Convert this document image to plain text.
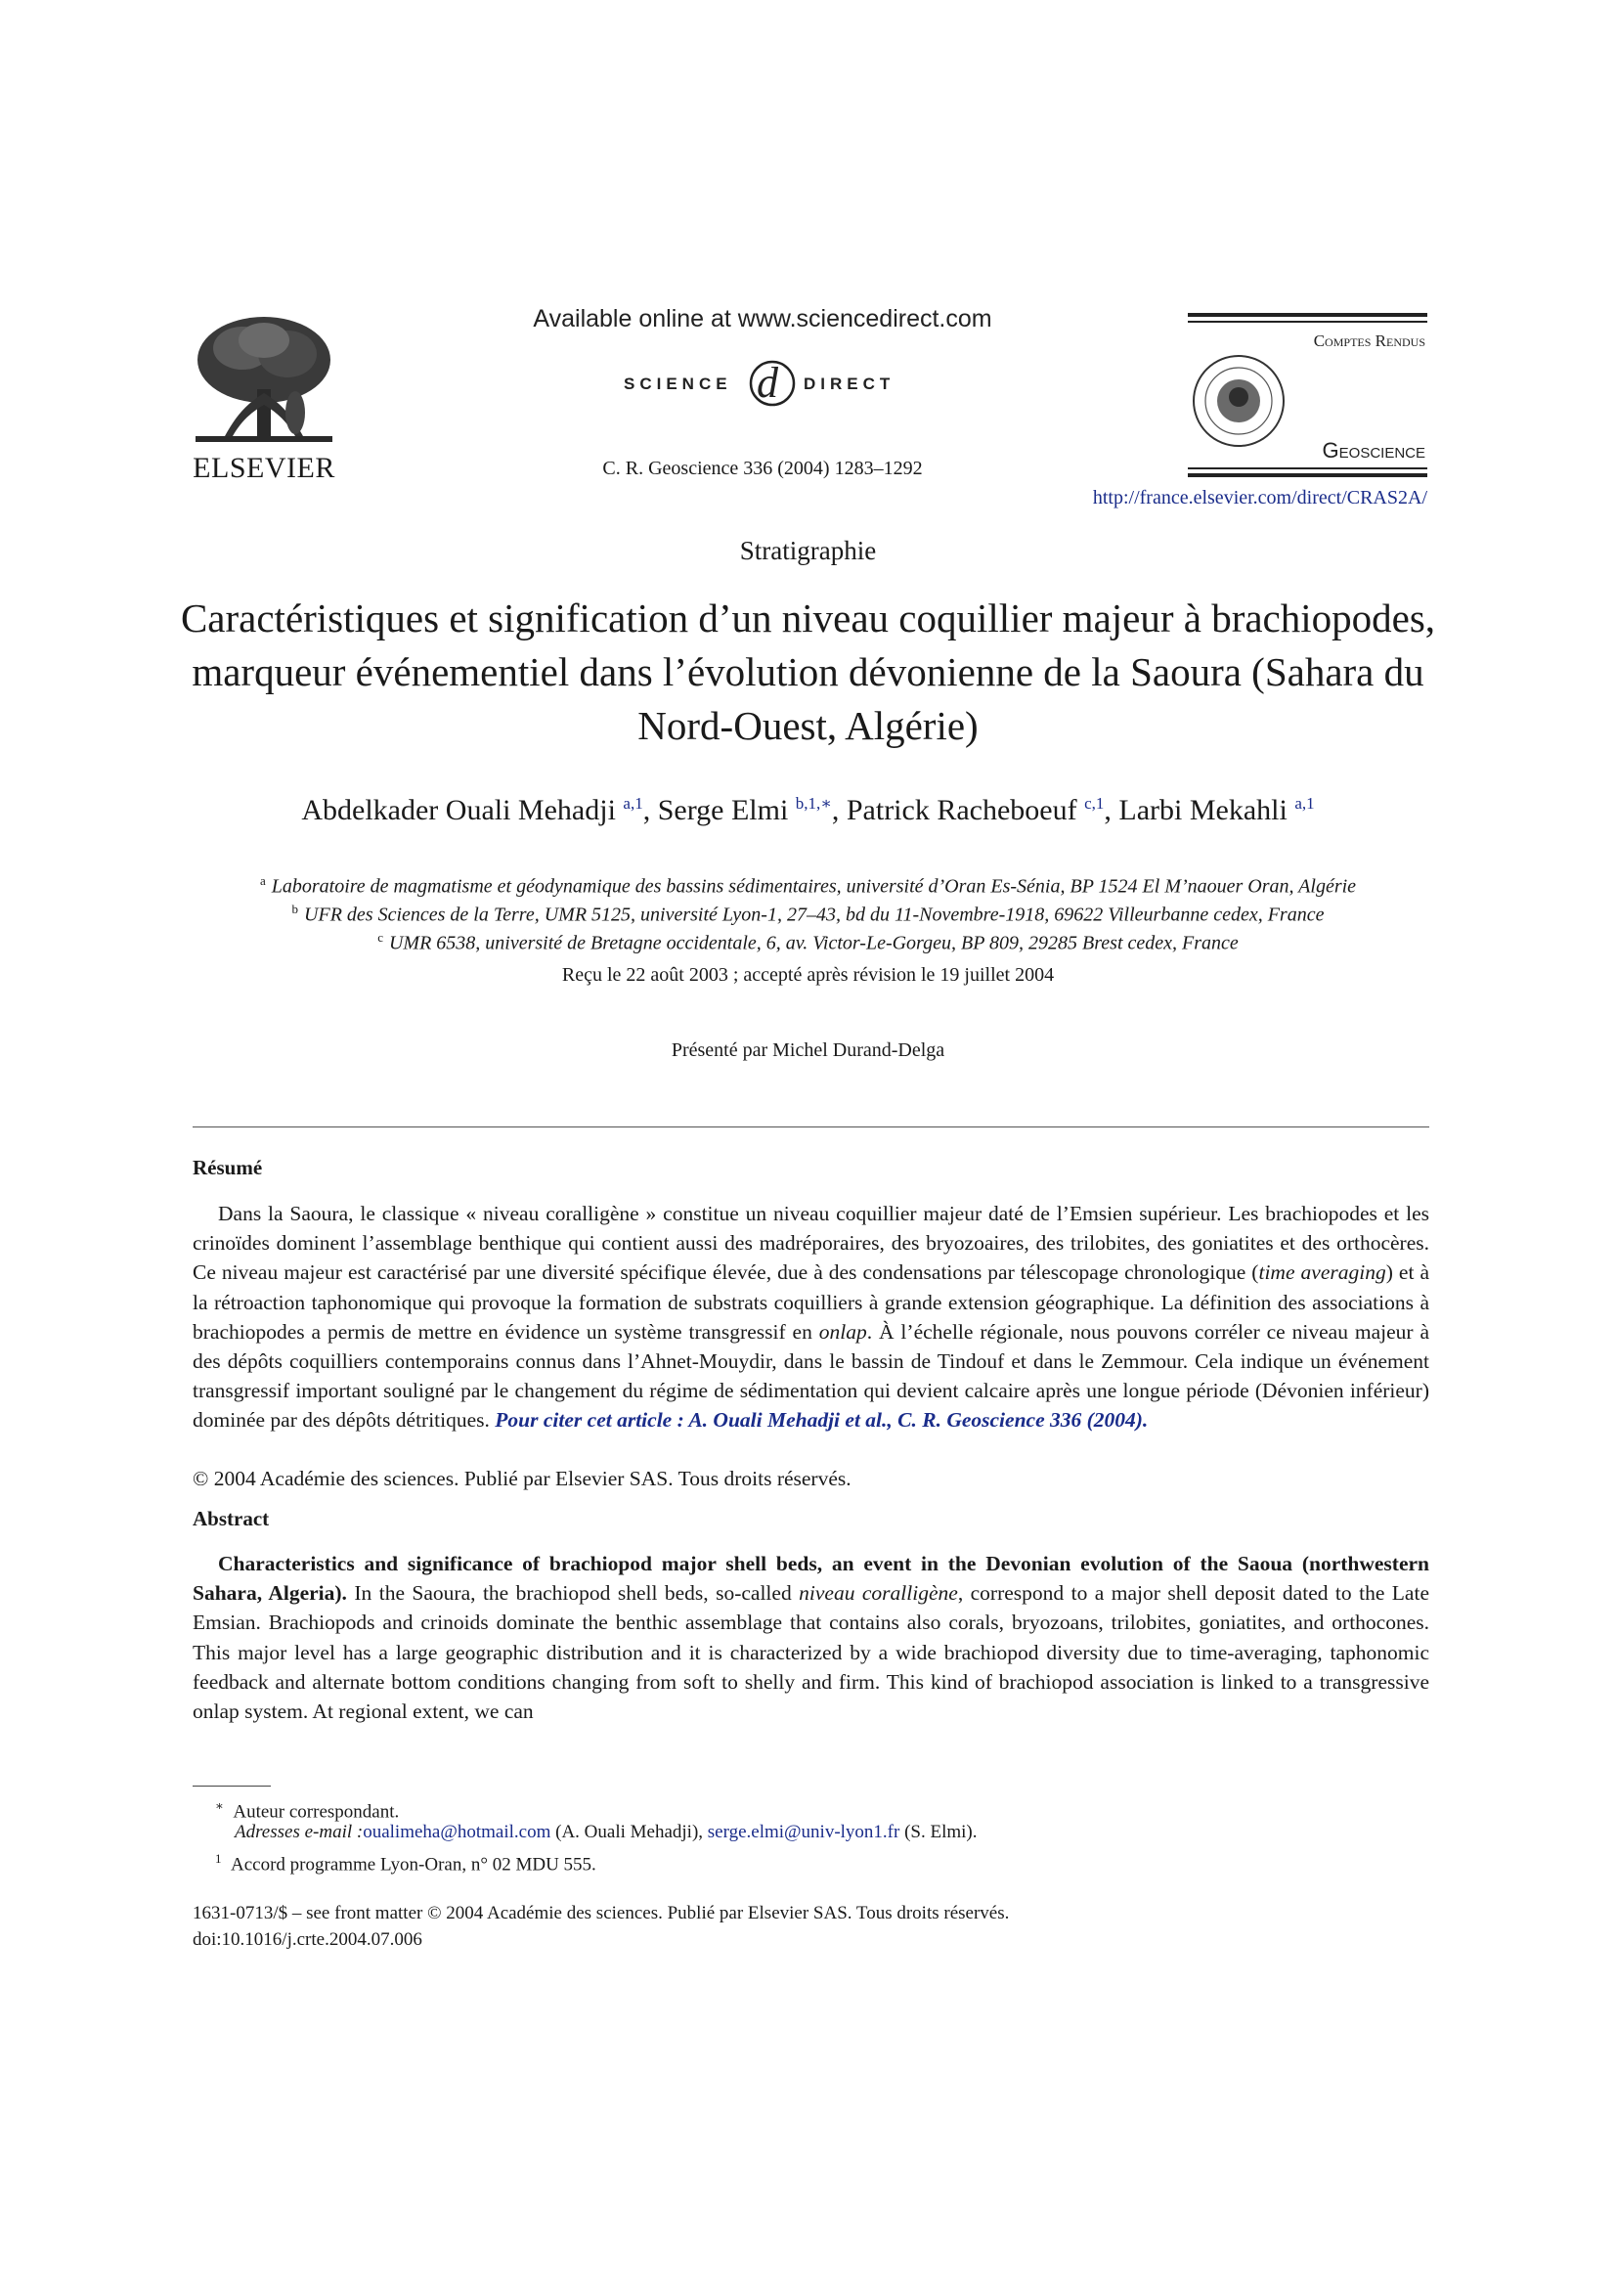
ELSEVIER
Available online at www.sciencedirect.com
SCIENCE d DIRECT
C. R. Geoscience 336 (2004) 1283–1292
Comptes Rendus
Geoscience
http://france.elsevier.com/direct/CRAS2A/
Stratigraphie
Caractéristiques et signification d’un niveau coquillier majeur à brachiopodes, marqueur événementiel dans l’évolution dévonienne de la Saoura (Sahara du Nord-Ouest, Algérie)
Abdelkader Ouali Mehadji $^{a,1}$, Serge Elmi $^{b,1,∗}$, Patrick Racheboeuf $^{c,1}$, Larbi Mekahli $^{a,1}$
$^a$ Laboratoire de magmatisme et géodynamique des bassins sédimentaires, université d’Oran Es-Sénia, BP 1524 El M’naouer Oran, Algérie
$^b$ UFR des Sciences de la Terre, UMR 5125, université Lyon-1, 27–43, bd du 11-Novembre-1918, 69622 Villeurbanne cedex, France
$^c$ UMR 6538, université de Bretagne occidentale, 6, av. Victor-Le-Gorgeu, BP 809, 29285 Brest cedex, France
Reçu le 22 août 2003 ; accepté après révision le 19 juillet 2004
Présenté par Michel Durand-Delga
Résumé
Dans la Saoura, le classique « niveau coralligène » constitue un niveau coquillier majeur daté de l’Emsien supérieur. Les brachiopodes et les crinoïdes dominent l’assemblage benthique qui contient aussi des madréporaires, des bryozoaires, des trilobites, des goniatites et des orthocères. Ce niveau majeur est caractérisé par une diversité spécifique élevée, due à des condensations par télescopage chronologique (time averaging) et à la rétroaction taphonomique qui provoque la formation de substrats coquilliers à grande extension géographique. La définition des associations à brachiopodes a permis de mettre en évidence un système transgressif en onlap. À l’échelle régionale, nous pouvons corréler ce niveau majeur à des dépôts coquilliers contemporains connus dans l’Ahnet-Mouydir, dans le bassin de Tindouf et dans le Zemmour. Cela indique un événement transgressif important souligné par le changement du régime de sédimentation qui devient calcaire après une longue période (Dévonien inférieur) dominée par des dépôts détritiques. Pour citer cet article : A. Ouali Mehadji et al., C. R. Geoscience 336 (2004).
© 2004 Académie des sciences. Publié par Elsevier SAS. Tous droits réservés.
Abstract
Characteristics and significance of brachiopod major shell beds, an event in the Devonian evolution of the Saoua (northwestern Sahara, Algeria). In the Saoura, the brachiopod shell beds, so-called niveau coralligène, correspond to a major shell deposit dated to the Late Emsian. Brachiopods and crinoids dominate the benthic assemblage that contains also corals, bryozoans, trilobites, goniatites, and orthocones. This major level has a large geographic distribution and it is characterized by a wide brachiopod diversity due to time-averaging, taphonomic feedback and alternate bottom conditions changing from soft to shelly and firm. This kind of brachiopod association is linked to a transgressive onlap system. At regional extent, we can
∗ Auteur correspondant.
Adresses e-mail :oualimeha@hotmail.com (A. Ouali Mehadji), serge.elmi@univ-lyon1.fr (S. Elmi).
$^1$ Accord programme Lyon-Oran, n° 02 MDU 555.
1631-0713/$ – see front matter © 2004 Académie des sciences. Publié par Elsevier SAS. Tous droits réservés.
doi:10.1016/j.crte.2004.07.006
